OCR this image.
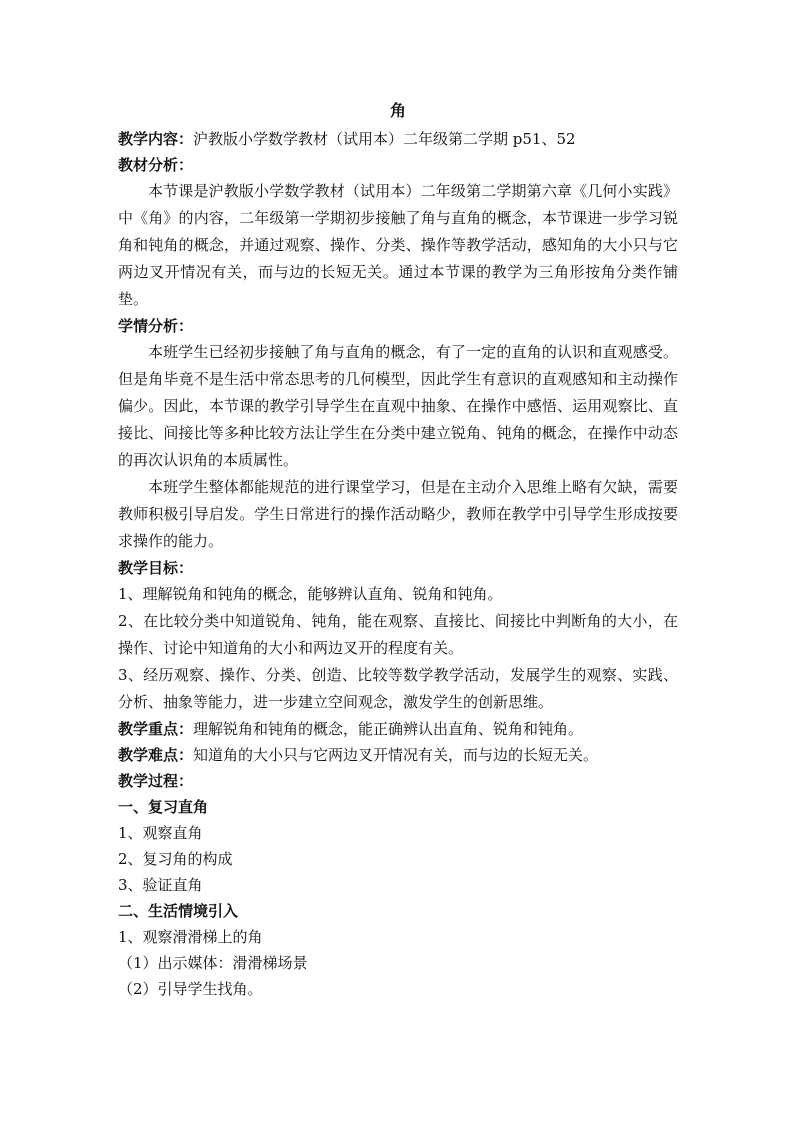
角
教学内容：沪教版小学数学教材（试用本）二年级第二学期 p51、52
教材分析：
本节课是沪教版小学数学教材（试用本）二年级第二学期第六章《几何小实践》中《角》的内容，二年级第一学期初步接触了角与直角的概念，本节课进一步学习锐角和钝角的概念，并通过观察、操作、分类、操作等教学活动，感知角的大小只与它两边叉开情况有关，而与边的长短无关。通过本节课的教学为三角形按角分类作铺垫。
学情分析：
本班学生已经初步接触了角与直角的概念，有了一定的直角的认识和直观感受。但是角毕竟不是生活中常态思考的几何模型，因此学生有意识的直观感知和主动操作偏少。因此，本节课的教学引导学生在直观中抽象、在操作中感悟、运用观察比、直接比、间接比等多种比较方法让学生在分类中建立锐角、钝角的概念，在操作中动态的再次认识角的本质属性。
本班学生整体都能规范的进行课堂学习，但是在主动介入思维上略有欠缺，需要教师积极引导启发。学生日常进行的操作活动略少，教师在教学中引导学生形成按要求操作的能力。
教学目标：
1、理解锐角和钝角的概念，能够辨认直角、锐角和钝角。
2、在比较分类中知道锐角、钝角，能在观察、直接比、间接比中判断角的大小，在操作、讨论中知道角的大小和两边叉开的程度有关。
3、经历观察、操作、分类、创造、比较等数学教学活动，发展学生的观察、实践、分析、抽象等能力，进一步建立空间观念，激发学生的创新思维。
教学重点：理解锐角和钝角的概念，能正确辨认出直角、锐角和钝角。
教学难点：知道角的大小只与它两边叉开情况有关，而与边的长短无关。
教学过程：
一、复习直角
1、观察直角
2、复习角的构成
3、验证直角
二、生活情境引入
1、观察滑滑梯上的角
（1）出示媒体：滑滑梯场景
（2）引导学生找角。
